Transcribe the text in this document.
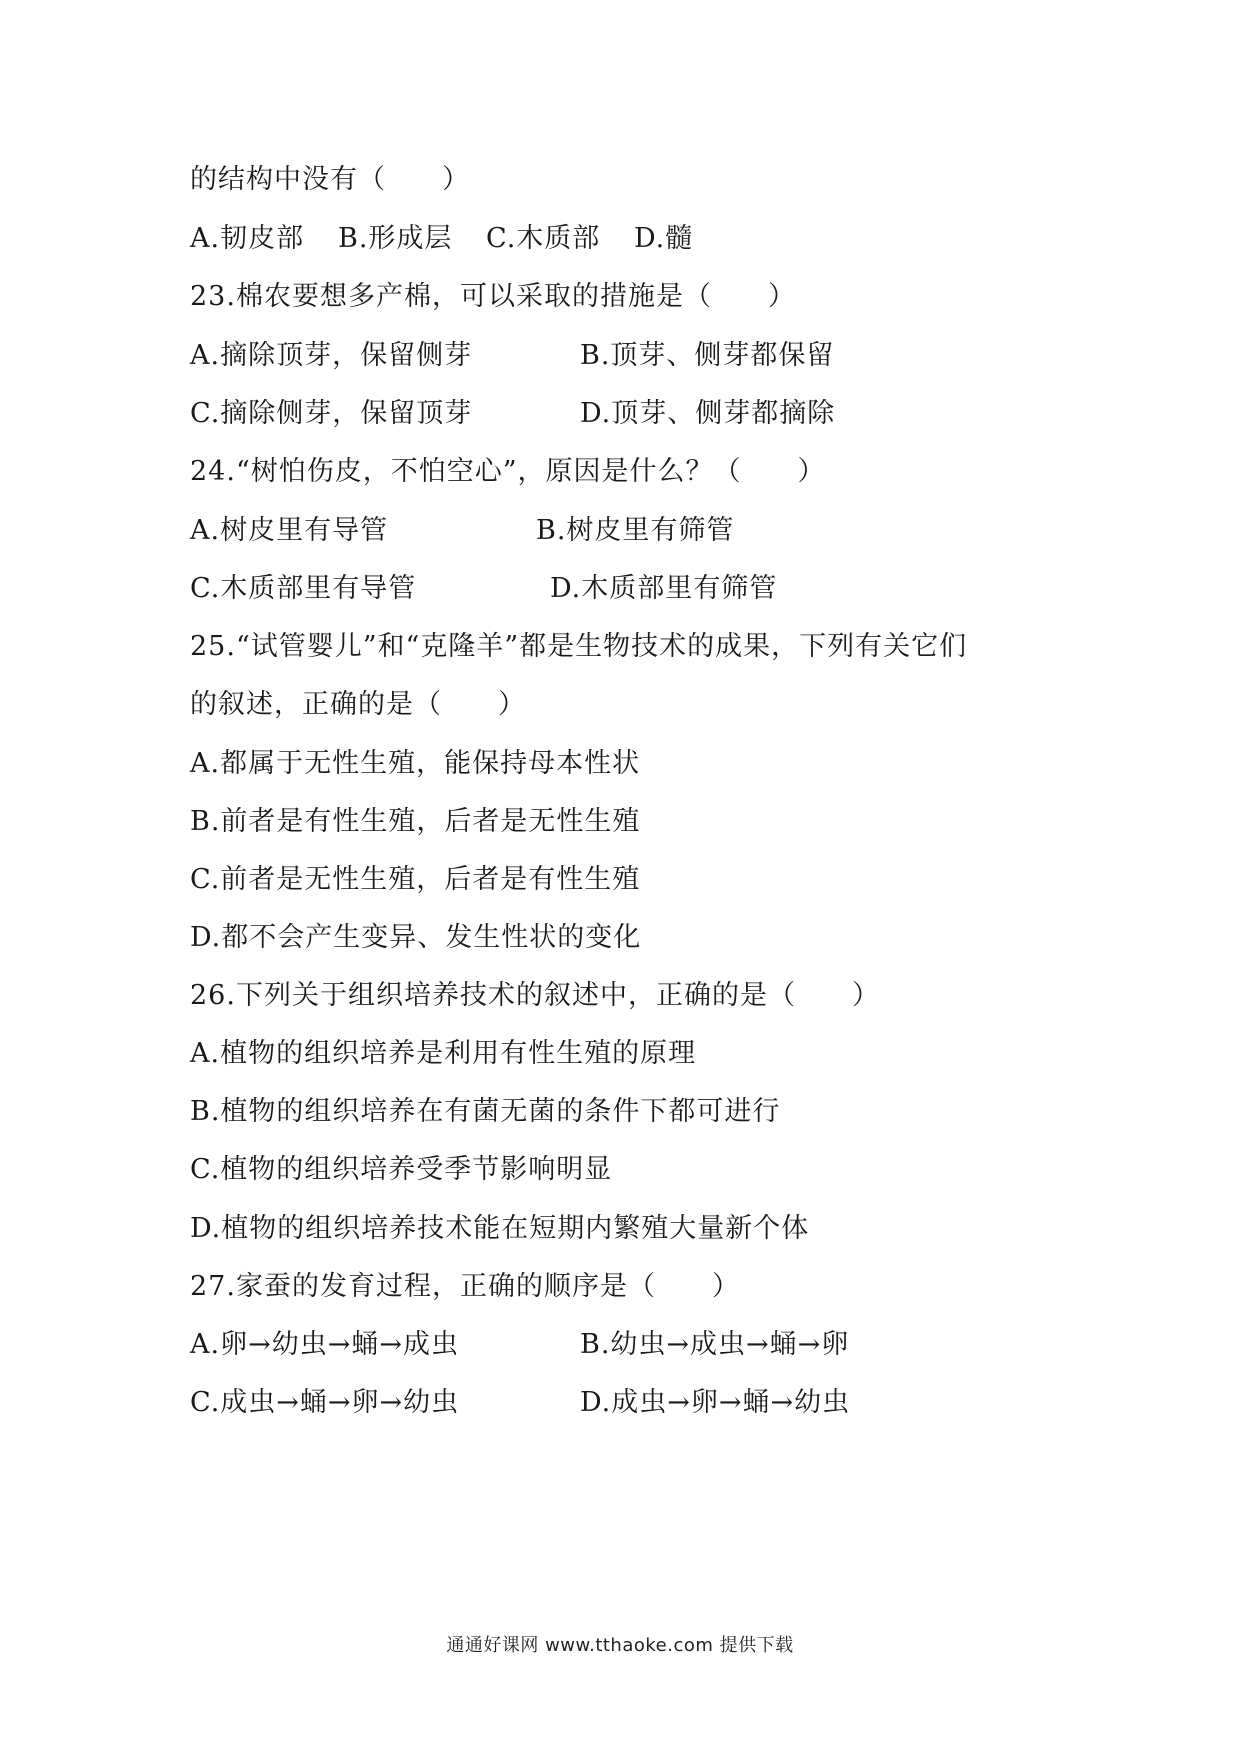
的结构中没有（　　）
A.韧皮部 B.形成层 C.木质部 D.髓
23.棉农要想多产棉，可以采取的措施是（　　）
A.摘除顶芽，保留侧芽	B.顶芽、侧芽都保留
C.摘除侧芽，保留顶芽	D.顶芽、侧芽都摘除
24.“树怕伤皮，不怕空心”，原因是什么？（　　）
A.树皮里有导管	B.树皮里有筛管
C.木质部里有导管	D.木质部里有筛管
25.“试管婴儿”和“克隆羊”都是生物技术的成果，下列有关它们
的叙述，正确的是（　　）
A.都属于无性生殖，能保持母本性状
B.前者是有性生殖，后者是无性生殖
C.前者是无性生殖，后者是有性生殖
D.都不会产生变异、发生性状的变化
26.下列关于组织培养技术的叙述中，正确的是（　　）
A.植物的组织培养是利用有性生殖的原理
B.植物的组织培养在有菌无菌的条件下都可进行
C.植物的组织培养受季节影响明显
D.植物的组织培养技术能在短期内繁殖大量新个体
27.家蚕的发育过程，正确的顺序是（　　）
A.卵→幼虫→蛹→成虫	B.幼虫→成虫→蛹→卵
C.成虫→蛹→卵→幼虫	D.成虫→卵→蛹→幼虫
通通好课网 www.tthaoke.com 提供下载
